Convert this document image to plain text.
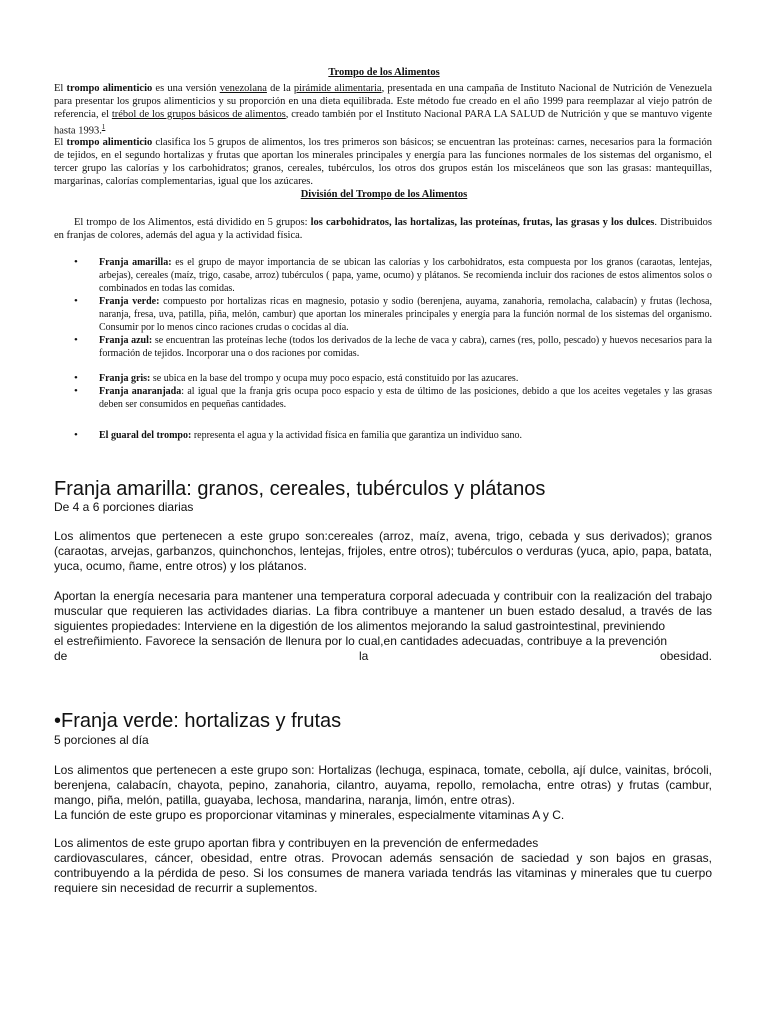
Trompo de los Alimentos

El trompo alimenticio es una versión venezolana de la pirámide alimentaria, presentada en una campaña de Instituto Nacional de Nutrición de Venezuela para presentar los grupos alimenticios y su proporción en una dieta equilibrada. Este método fue creado en el año 1999 para reemplazar al viejo patrón de referencia, el trébol de los grupos básicos de alimentos, creado también por el Instituto Nacional PARA LA SALUD de Nutrición y que se mantuvo vigente hasta 1993.$^1$

El trompo alimenticio clasifica los 5 grupos de alimentos, los tres primeros son básicos; se encuentran las proteínas: carnes, necesarios para la formación de tejidos, en el segundo hortalizas y frutas que aportan los minerales principales y energía para las funciones normales de los sistemas del organismo, el tercer grupo las calorías y los carbohidratos; granos, cereales, tubérculos, los otros dos grupos están los misceláneos que son las grasas: mantequillas, margarinas, calorías complementarias, igual que los azúcares.

División del Trompo de los Alimentos

El trompo de los Alimentos, está dividido en 5 grupos: los carbohidratos, las hortalizas, las proteínas, frutas, las grasas y los dulces. Distribuidos en franjas de colores, además del agua y la actividad física.

• Franja amarilla: es el grupo de mayor importancia de se ubican las calorías y los carbohidratos, esta compuesta por los granos (caraotas, lentejas, arbejas), cereales (maíz, trigo, casabe, arroz) tubérculos ( papa, yame, ocumo) y plátanos. Se recomienda incluir dos raciones de estos alimentos solos o combinados en todas las comidas.
• Franja verde: compuesto por hortalizas ricas en magnesio, potasio y sodio (berenjena, auyama, zanahoria, remolacha, calabacín) y frutas (lechosa, naranja, fresa, uva, patilla, piña, melón, cambur) que aportan los minerales principales y energía para la función normal de los sistemas del organismo. Consumir por lo menos cinco raciones crudas o cocidas al día.
• Franja azul: se encuentran las proteínas leche (todos los derivados de la leche de vaca y cabra), carnes (res, pollo, pescado) y huevos necesarios para la formación de tejidos. Incorporar una o dos raciones por comidas.
• Franja gris: se ubica en la base del trompo y ocupa muy poco espacio, está constituido por las azucares.
• Franja anaranjada: al igual que la franja gris ocupa poco espacio y esta de último de las posiciones, debido a que los aceites vegetales y las grasas deben ser consumidos en pequeñas cantidades.
• El guaral del trompo: representa el agua y la actividad física en familia que garantiza un individuo sano.
Franja amarilla: granos, cereales, tubérculos y plátanos

De 4 a 6 porciones diarias

Los alimentos que pertenecen a este grupo son:cereales (arroz, maíz, avena, trigo, cebada y sus derivados); granos (caraotas, arvejas, garbanzos, quinchonchos, lentejas, frijoles, entre otros); tubérculos o verduras (yuca, apio, papa, batata, yuca, ocumo, ñame, entre otros) y los plátanos.

Aportan la energía necesaria para mantener una temperatura corporal adecuada y contribuir con la realización del trabajo muscular que requieren las actividades diarias. La fibra contribuye a mantener un buen estado desalud, a través de las siguientes propiedades: Interviene en la digestión de los alimentos mejorando la salud gastrointestinal, previniendo
el estreñimiento. Favorece la sensación de llenura por lo cual,en cantidades adecuadas, contribuye a la prevención
de	la	obesidad.
•Franja verde: hortalizas y frutas

5 porciones al día

Los alimentos que pertenecen a este grupo son: Hortalizas (lechuga, espinaca, tomate, cebolla, ají dulce, vainitas, brócoli, berenjena, calabacín, chayota, pepino, zanahoria, cilantro, auyama, repollo, remolacha, entre otras) y frutas (cambur, mango, piña, melón, patilla, guayaba, lechosa, mandarina, naranja, limón, entre otras).
La función de este grupo es proporcionar vitaminas y minerales, especialmente vitaminas A y C.
Los alimentos de este grupo aportan fibra y contribuyen en la prevención de enfermedades
cardiovasculares, cáncer, obesidad, entre otras. Provocan además sensación de saciedad y son bajos en grasas, contribuyendo a la pérdida de peso. Si los consumes de manera variada tendrás las vitaminas y minerales que tu cuerpo requiere sin necesidad de recurrir a suplementos.
